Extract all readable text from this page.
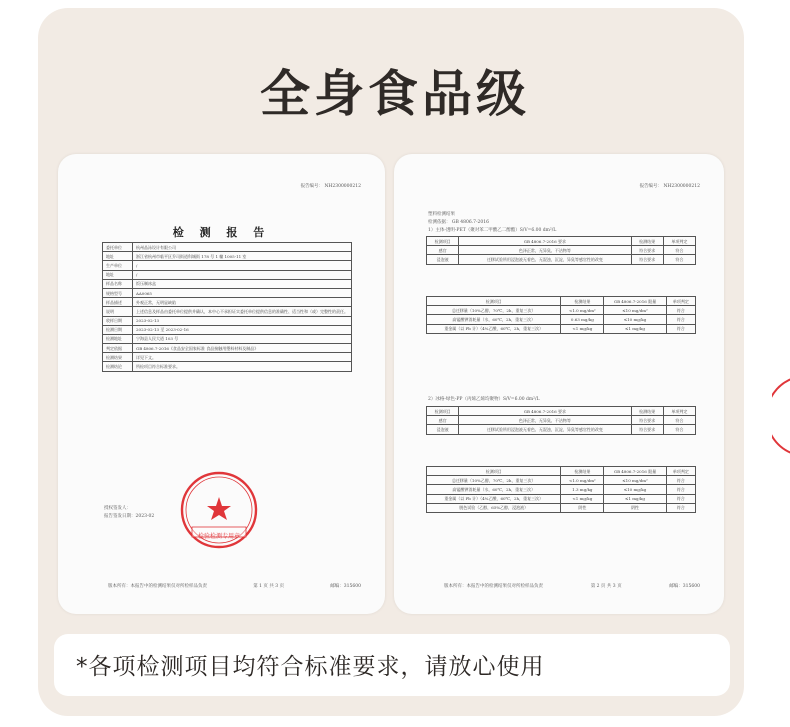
全身食品级
报告编号： NH2300000212
检 测 报 告
委托单位	杭州品泳设计有限公司
地址	浙江省杭州市临平区乔司街道科城街 178 号 1 幢 1005-11 室
生产单位	/
地址	/
样品名称	饭压制冰盒
规格型号	AA0065
样品描述	外观正常，无明显缺陷
说明	上述信息及样品由委托单位提供并确认，本中心不承担证实委托单位提供信息的准确性、适当性和（或）完整性的责任。
收样日期	2023-02-13
检测日期	2023-02-13 至 2023-02-16
检测地址	宁海县人民大道 103 号
判定依据	GB 4806.7-2016《食品安全国家标准 食品接触用塑料材料及制品》
检测结果	详见下文。
检测结论	所检项目符合标准要求。
授权签发人：
报告签发日期：2023-02
检验检测专用章
版本所有：本报告中的检测结果仅对所检样品负责	第 1 页 共 3 页	邮编：315600
报告编号： NH2300000212
塑料检测结果
检测依据： GB 4806.7-2016
1）主体-透明-PET（聚对苯二甲酸乙二醇酯）S/V=6.00 dm²/L
检测项目	GB 4806.7-2016 要求	检测结果	单项判定
感官	色泽正常，无异臭、不洁物等	符合要求	符合
浸泡液	迁移试验所用浸泡液无着色、无混浊，沉淀，异臭等感官性的改变	符合要求	符合
检测项目	检测结果	GB 4806.7-2016 限量	单项判定
总迁移量（10%乙醇，70℃，2h，重复三次）	<1.0 mg/dm²	≤10 mg/dm²	符合
高锰酸钾消耗量（水，60℃，2h，重复三次）	0.63 mg/kg	≤10 mg/kg	符合
重金属（以 Pb 计）（4%乙酸，60℃，2h，重复三次）	<1 mg/kg	≤1 mg/kg	符合
2）冰格-绿色-PP（丙烯乙烯均聚物）S/V=6.00 dm²/L
检测项目	GB 4806.7-2016 要求	检测结果	单项判定
感官	色泽正常，无异臭、不洁物等	符合要求	符合
浸泡液	迁移试验所用浸泡液无着色、无混浊，沉淀，异臭等感官性的改变	符合要求	符合
检测项目	检测结果	GB 4806.7-2016 限量	单项判定
总迁移量（10%乙醇，70℃，2h，重复三次）	<1.0 mg/dm²	≤10 mg/dm²	符合
高锰酸钾消耗量（水，60℃，2h，重复三次）	1.3 mg/kg	≤10 mg/kg	符合
重金属（以 Pb 计）（4%乙酸，60℃，2h，重复三次）	<1 mg/kg	≤1 mg/kg	符合
脱色试验（乙醇，65%乙醇，浸泡液）	阴性	阴性	符合
版本所有：本报告中的检测结果仅对所检样品负责	第 2 页 共 3 页	邮编：315600
*各项检测项目均符合标准要求，请放心使用
